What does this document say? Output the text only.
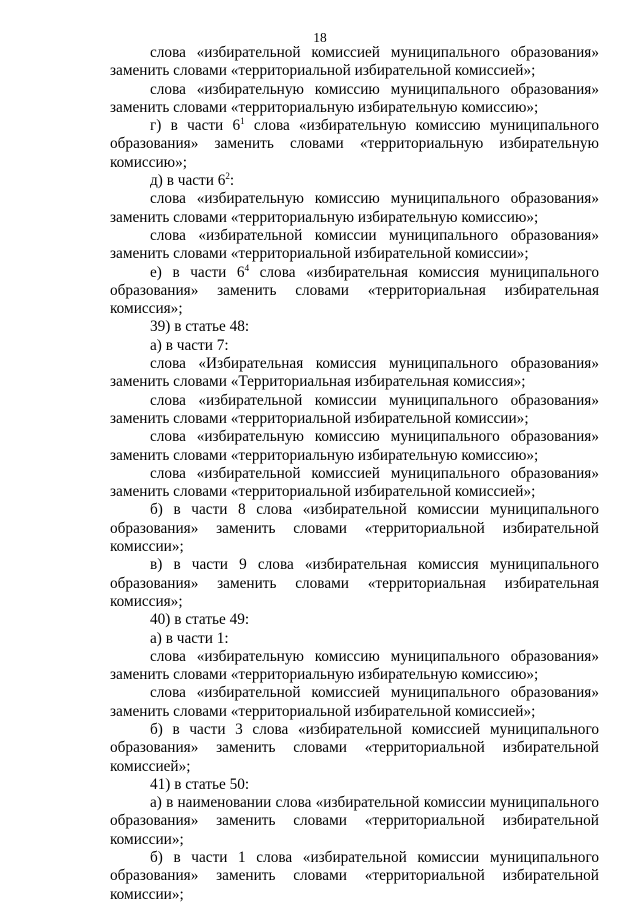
18

слова «избирательной комиссией муниципального образования» заменить словами «территориальной избирательной комиссией»;

слова «избирательную комиссию муниципального образования» заменить словами «территориальную избирательную комиссию»;

г) в части $6^1$ слова «избирательную комиссию муниципального образования» заменить словами «территориальную избирательную комиссию»;

д) в части $6^2$:

слова «избирательную комиссию муниципального образования» заменить словами «территориальную избирательную комиссию»;

слова «избирательной комиссии муниципального образования» заменить словами «территориальной избирательной комиссии»;

е) в части $6^4$ слова «избирательная комиссия муниципального образования» заменить словами «территориальная избирательная комиссия»;

39) в статье 48:

а) в части 7:

слова «Избирательная комиссия муниципального образования» заменить словами «Территориальная избирательная комиссия»;

слова «избирательной комиссии муниципального образования» заменить словами «территориальной избирательной комиссии»;

слова «избирательную комиссию муниципального образования» заменить словами «территориальную избирательную комиссию»;

слова «избирательной комиссией муниципального образования» заменить словами «территориальной избирательной комиссией»;

б) в части 8 слова «избирательной комиссии муниципального образования» заменить словами «территориальной избирательной комиссии»;

в) в части 9 слова «избирательная комиссия муниципального образования» заменить словами «территориальная избирательная комиссия»;

40) в статье 49:

а) в части 1:

слова «избирательную комиссию муниципального образования» заменить словами «территориальную избирательную комиссию»;

слова «избирательной комиссией муниципального образования» заменить словами «территориальной избирательной комиссией»;

б) в части 3 слова «избирательной комиссией муниципального образования» заменить словами «территориальной избирательной комиссией»;

41) в статье 50:

а) в наименовании слова «избирательной комиссии муниципального образования» заменить словами «территориальной избирательной комиссии»;

б) в части 1 слова «избирательной комиссии муниципального образования» заменить словами «территориальной избирательной комиссии»;
